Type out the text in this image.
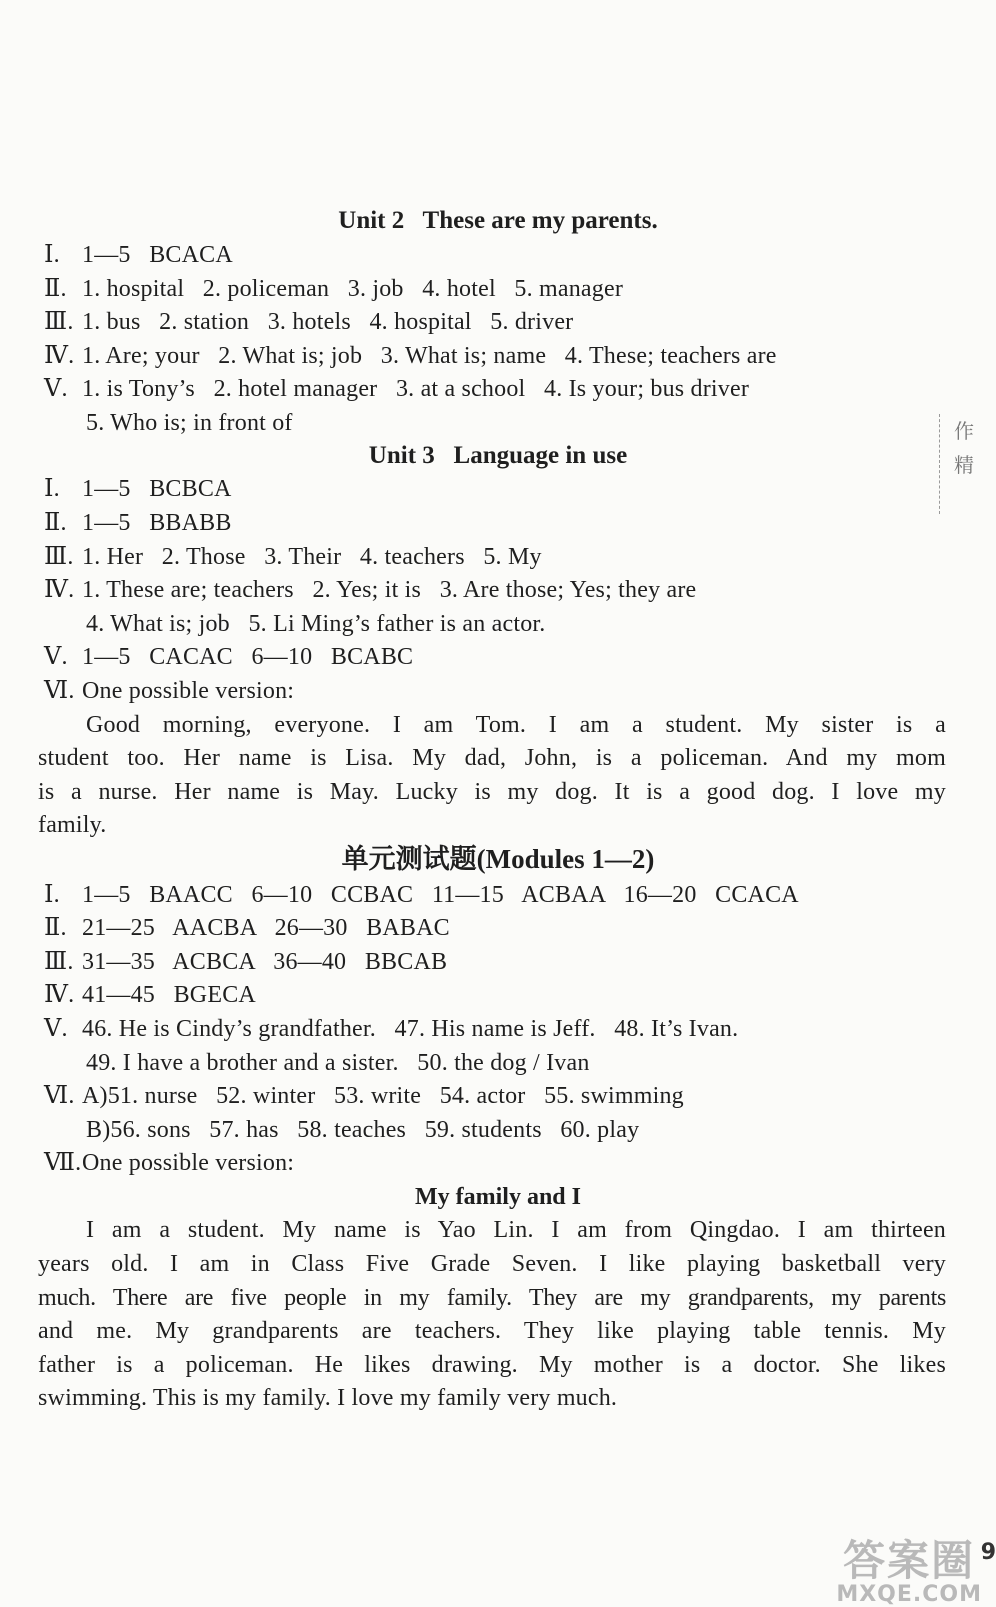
Unit 2   These are my parents.
Ⅰ. 1—5   BCACA
Ⅱ. 1. hospital   2. policeman   3. job   4. hotel   5. manager
Ⅲ. 1. bus   2. station   3. hotels   4. hospital   5. driver
Ⅳ. 1. Are; your   2. What is; job   3. What is; name   4. These; teachers are
Ⅴ. 1. is Tony’s   2. hotel manager   3. at a school   4. Is your; bus driver
5. Who is; in front of
Unit 3   Language in use
Ⅰ. 1—5   BCBCA
Ⅱ. 1—5   BBABB
Ⅲ. 1. Her   2. Those   3. Their   4. teachers   5. My
Ⅳ. 1. These are; teachers   2. Yes; it is   3. Are those; Yes; they are
4. What is; job   5. Li Ming’s father is an actor.
Ⅴ. 1—5   CACAC   6—10   BCABC
Ⅵ. One possible version:
Good morning, everyone. I am Tom. I am a student. My sister is a
student too. Her name is Lisa. My dad, John, is a policeman. And my mom
is a nurse. Her name is May. Lucky is my dog. It is a good dog. I love my
family.
单元测试题(Modules 1—2)
Ⅰ. 1—5   BAACC   6—10   CCBAC   11—15   ACBAA   16—20   CCACA
Ⅱ. 21—25   AACBA   26—30   BABAC
Ⅲ. 31—35   ACBCA   36—40   BBCAB
Ⅳ. 41—45   BGECA
Ⅴ. 46. He is Cindy’s grandfather.   47. His name is Jeff.   48. It’s Ivan.
49. I have a brother and a sister.   50. the dog / Ivan
Ⅵ. A)51. nurse   52. winter   53. write   54. actor   55. swimming
B)56. sons   57. has   58. teaches   59. students   60. play
Ⅶ.One possible version:
My family and I
I am a student. My name is Yao Lin. I am from Qingdao. I am thirteen
years old. I am in Class Five Grade Seven. I like playing basketball very
much. There are five people in my family. They are my grandparents, my parents
and me. My grandparents are teachers. They like playing table tennis. My
father is a policeman. He likes drawing. My mother is a doctor. She likes
swimming. This is my family. I love my family very much.
作
精
9
答案圈
MXQE.COM
